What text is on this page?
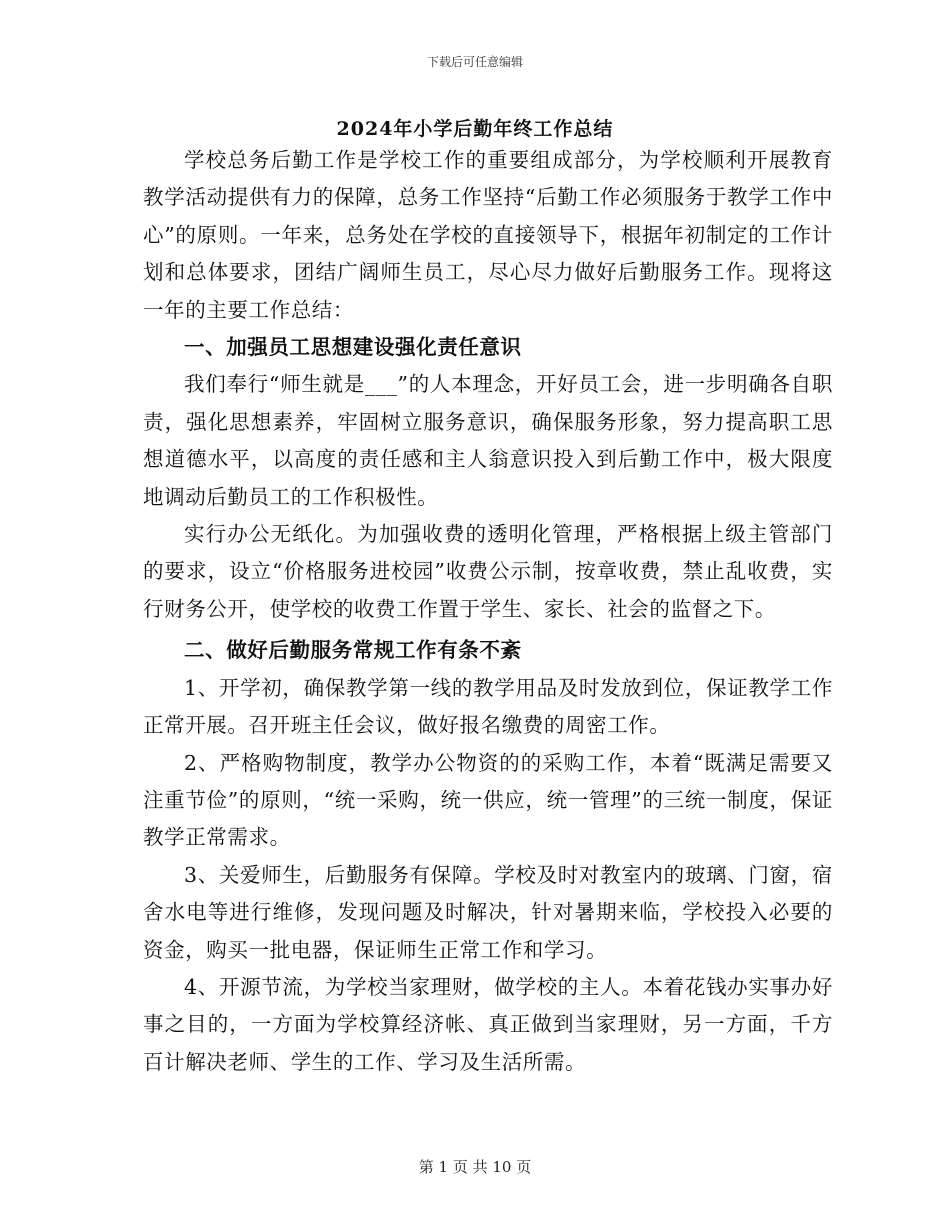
下载后可任意编辑
2024年小学后勤年终工作总结

学校总务后勤工作是学校工作的重要组成部分，为学校顺利开展教育教学活动提供有力的保障，总务工作坚持“后勤工作必须服务于教学工作中心”的原则。一年来，总务处在学校的直接领导下，根据年初制定的工作计划和总体要求，团结广阔师生员工，尽心尽力做好后勤服务工作。现将这一年的主要工作总结：

一、加强员工思想建设强化责任意识

我们奉行“师生就是___”的人本理念，开好员工会，进一步明确各自职责，强化思想素养，牢固树立服务意识，确保服务形象，努力提高职工思想道德水平，以高度的责任感和主人翁意识投入到后勤工作中，极大限度地调动后勤员工的工作积极性。

实行办公无纸化。为加强收费的透明化管理，严格根据上级主管部门的要求，设立“价格服务进校园”收费公示制，按章收费，禁止乱收费，实行财务公开，使学校的收费工作置于学生、家长、社会的监督之下。

二、做好后勤服务常规工作有条不紊

1、开学初，确保教学第一线的教学用品及时发放到位，保证教学工作正常开展。召开班主任会议，做好报名缴费的周密工作。

2、严格购物制度，教学办公物资的的采购工作，本着“既满足需要又注重节俭”的原则，“统一采购，统一供应，统一管理”的三统一制度，保证教学正常需求。

3、关爱师生，后勤服务有保障。学校及时对教室内的玻璃、门窗，宿舍水电等进行维修，发现问题及时解决，针对暑期来临，学校投入必要的资金，购买一批电器，保证师生正常工作和学习。

4、开源节流，为学校当家理财，做学校的主人。本着花钱办实事办好事之目的，一方面为学校算经济帐、真正做到当家理财，另一方面，千方百计解决老师、学生的工作、学习及生活所需。

第 1 页 共 10 页
